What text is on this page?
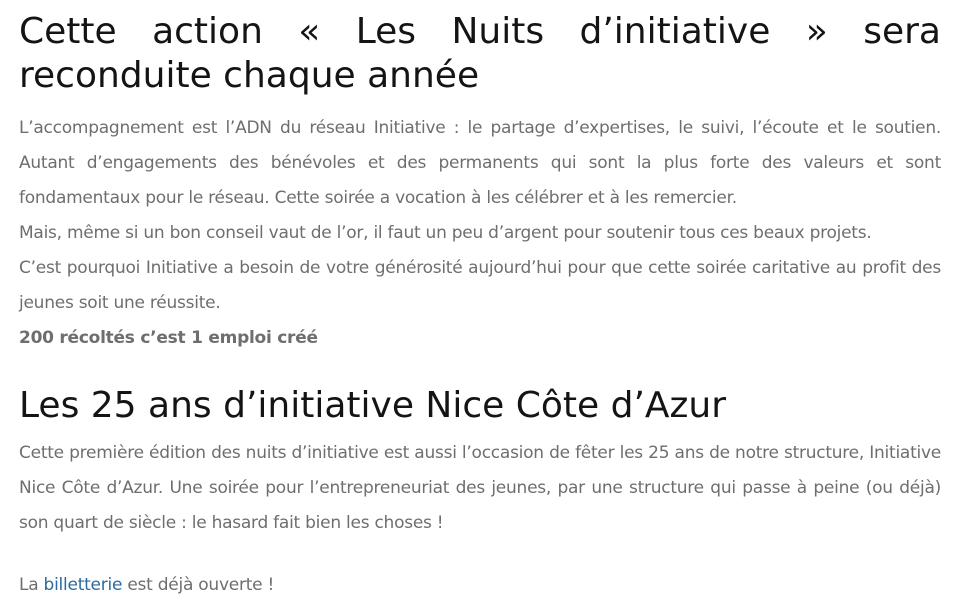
Cette action « Les Nuits d’initiative » sera reconduite chaque année

L’accompagnement est l’ADN du réseau Initiative : le partage d’expertises, le suivi, l’écoute et le soutien. Autant d’engagements des bénévoles et des permanents qui sont la plus forte des valeurs et sont fondamentaux pour le réseau. Cette soirée a vocation à les célébrer et à les remercier.

Mais, même si un bon conseil vaut de l’or, il faut un peu d’argent pour soutenir tous ces beaux projets.

C’est pourquoi Initiative a besoin de votre générosité aujourd’hui pour que cette soirée caritative au profit des jeunes soit une réussite.

200 récoltés c’est 1 emploi créé

Les 25 ans d’initiative Nice Côte d’Azur

Cette première édition des nuits d’initiative est aussi l’occasion de fêter les 25 ans de notre structure, Initiative Nice Côte d’Azur. Une soirée pour l’entrepreneuriat des jeunes, par une structure qui passe à peine (ou déjà) son quart de siècle : le hasard fait bien les choses !

La billetterie est déjà ouverte !
